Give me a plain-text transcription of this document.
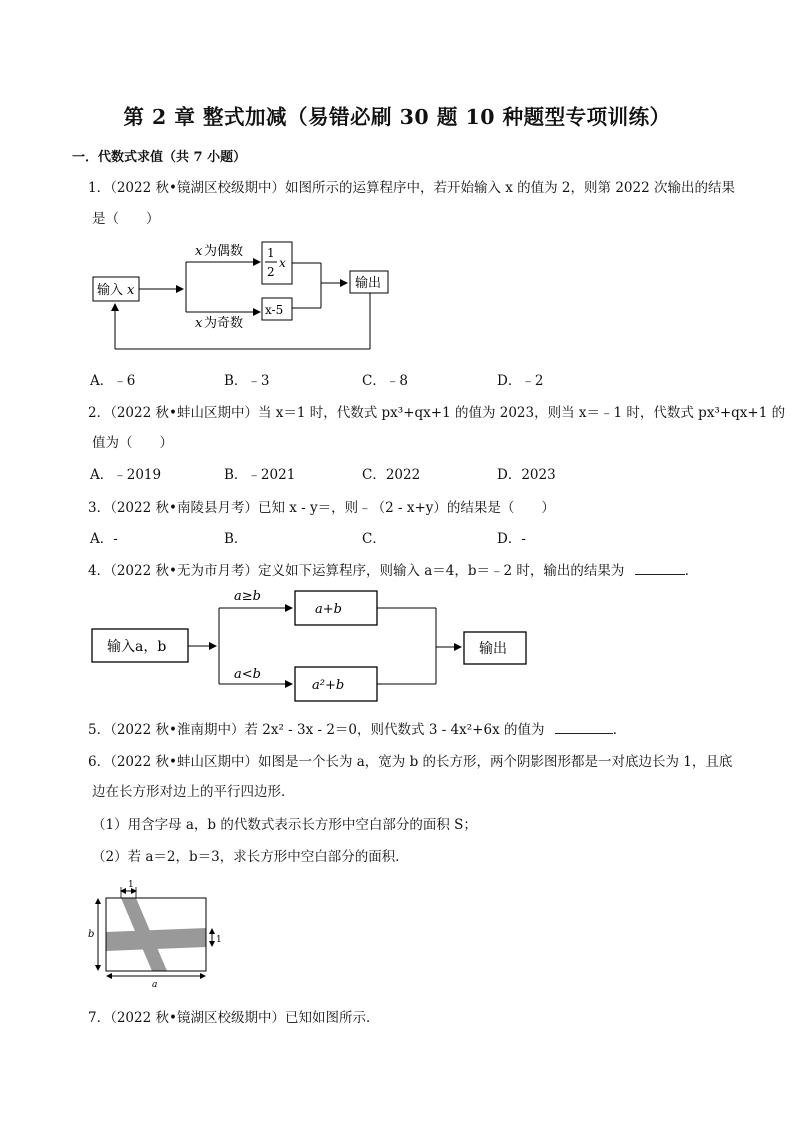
第 2 章 整式加减（易错必刷 30 题 10 种题型专项训练）
一．代数式求值（共 7 小题）
1．（2022 秋•镜湖区校级期中）如图所示的运算程序中，若开始输入 x 的值为 2，则第 2022 次输出的结果
是（　　）
输入 x
x 为偶数
x 为奇数
1
2
x
x-5
输出
A．﹣6	B．﹣3	C．﹣8	D．﹣2
2．（2022 秋•蚌山区期中）当 x＝1 时，代数式 px³+qx+1 的值为 2023，则当 x＝﹣1 时，代数式 px³+qx+1 的
值为（　　）
A．﹣2019	B．﹣2021	C．2022	D．2023
3．（2022 秋•南陵县月考）已知 x - y＝，则﹣（2 - x+y）的结果是（　　）
A．-	B．	C．	D．-
4．（2022 秋•无为市月考）定义如下运算程序，则输入 a＝4，b＝﹣2 时，输出的结果为	．
输入a，b
a≥b
a<b
a+b
a²+b
输出
5．（2022 秋•淮南期中）若 2x² - 3x - 2＝0，则代数式 3 - 4x²+6x 的值为	．
6．（2022 秋•蚌山区期中）如图是一个长为 a，宽为 b 的长方形，两个阴影图形都是一对底边长为 1，且底
边在长方形对边上的平行四边形．
（1）用含字母 a，b 的代数式表示长方形中空白部分的面积 S；
（2）若 a＝2，b＝3，求长方形中空白部分的面积．
1
b	1
a
7．（2022 秋•镜湖区校级期中）已知如图所示．
